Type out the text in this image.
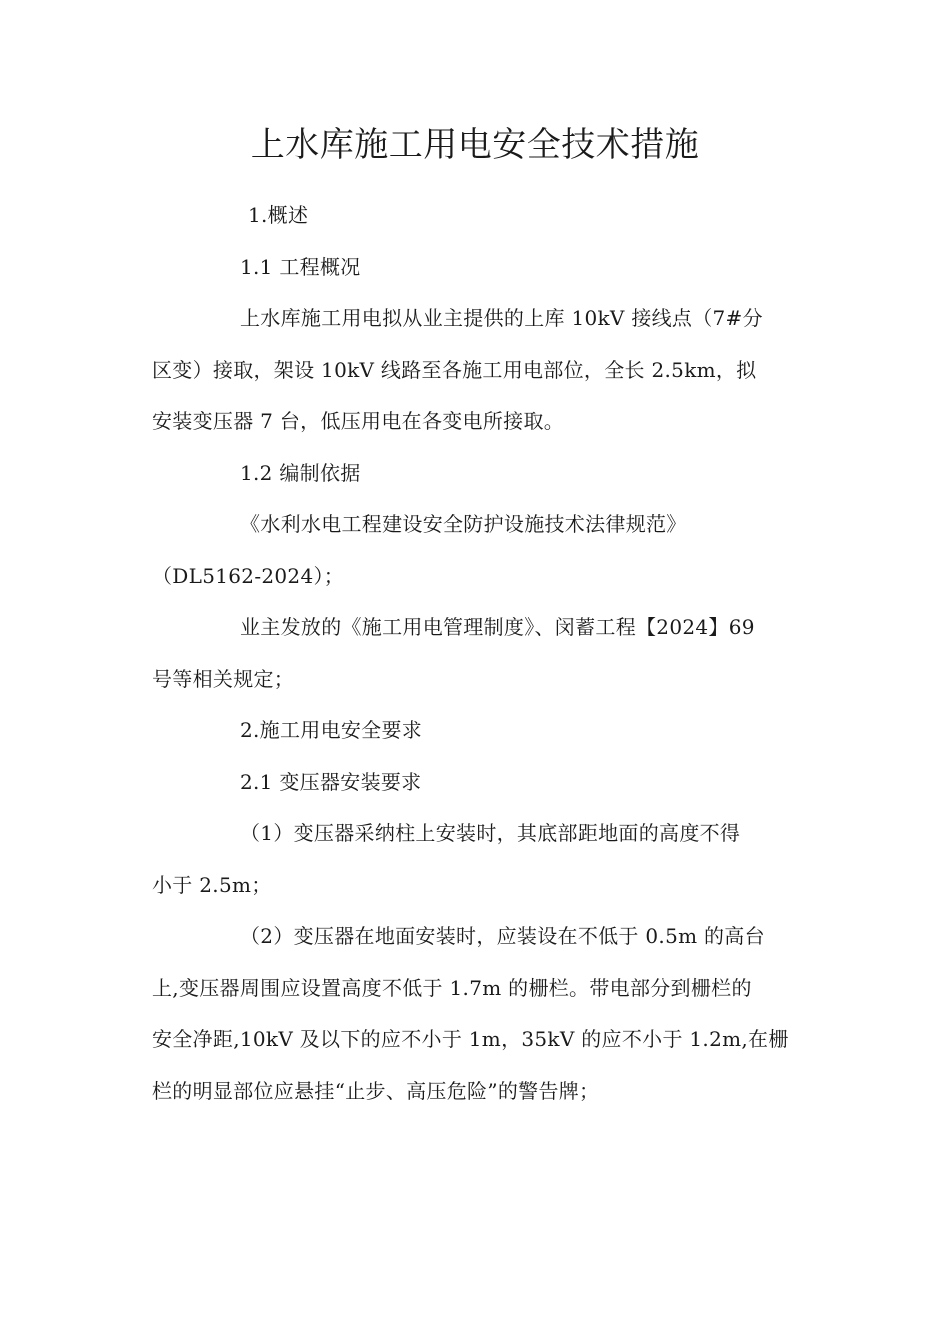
上水库施工用电安全技术措施

1.概述

1.1 工程概况

上水库施工用电拟从业主提供的上库 10kV 接线点（7#分

区变）接取，架设 10kV 线路至各施工用电部位，全长 2.5km，拟

安装变压器 7 台，低压用电在各变电所接取。

1.2 编制依据

《水利水电工程建设安全防护设施技术法律规范》

（DL5162-2024）；

业主发放的《施工用电管理制度》、闵蓄工程【2024】69

号等相关规定；

2.施工用电安全要求

2.1 变压器安装要求

（1）变压器采纳柱上安装时，其底部距地面的高度不得

小于 2.5m；

（2）变压器在地面安装时，应装设在不低于 0.5m 的高台

上,变压器周围应设置高度不低于 1.7m 的栅栏。带电部分到栅栏的

安全净距,10kV 及以下的应不小于 1m，35kV 的应不小于 1.2m,在栅

栏的明显部位应悬挂“止步、高压危险”的警告牌；
